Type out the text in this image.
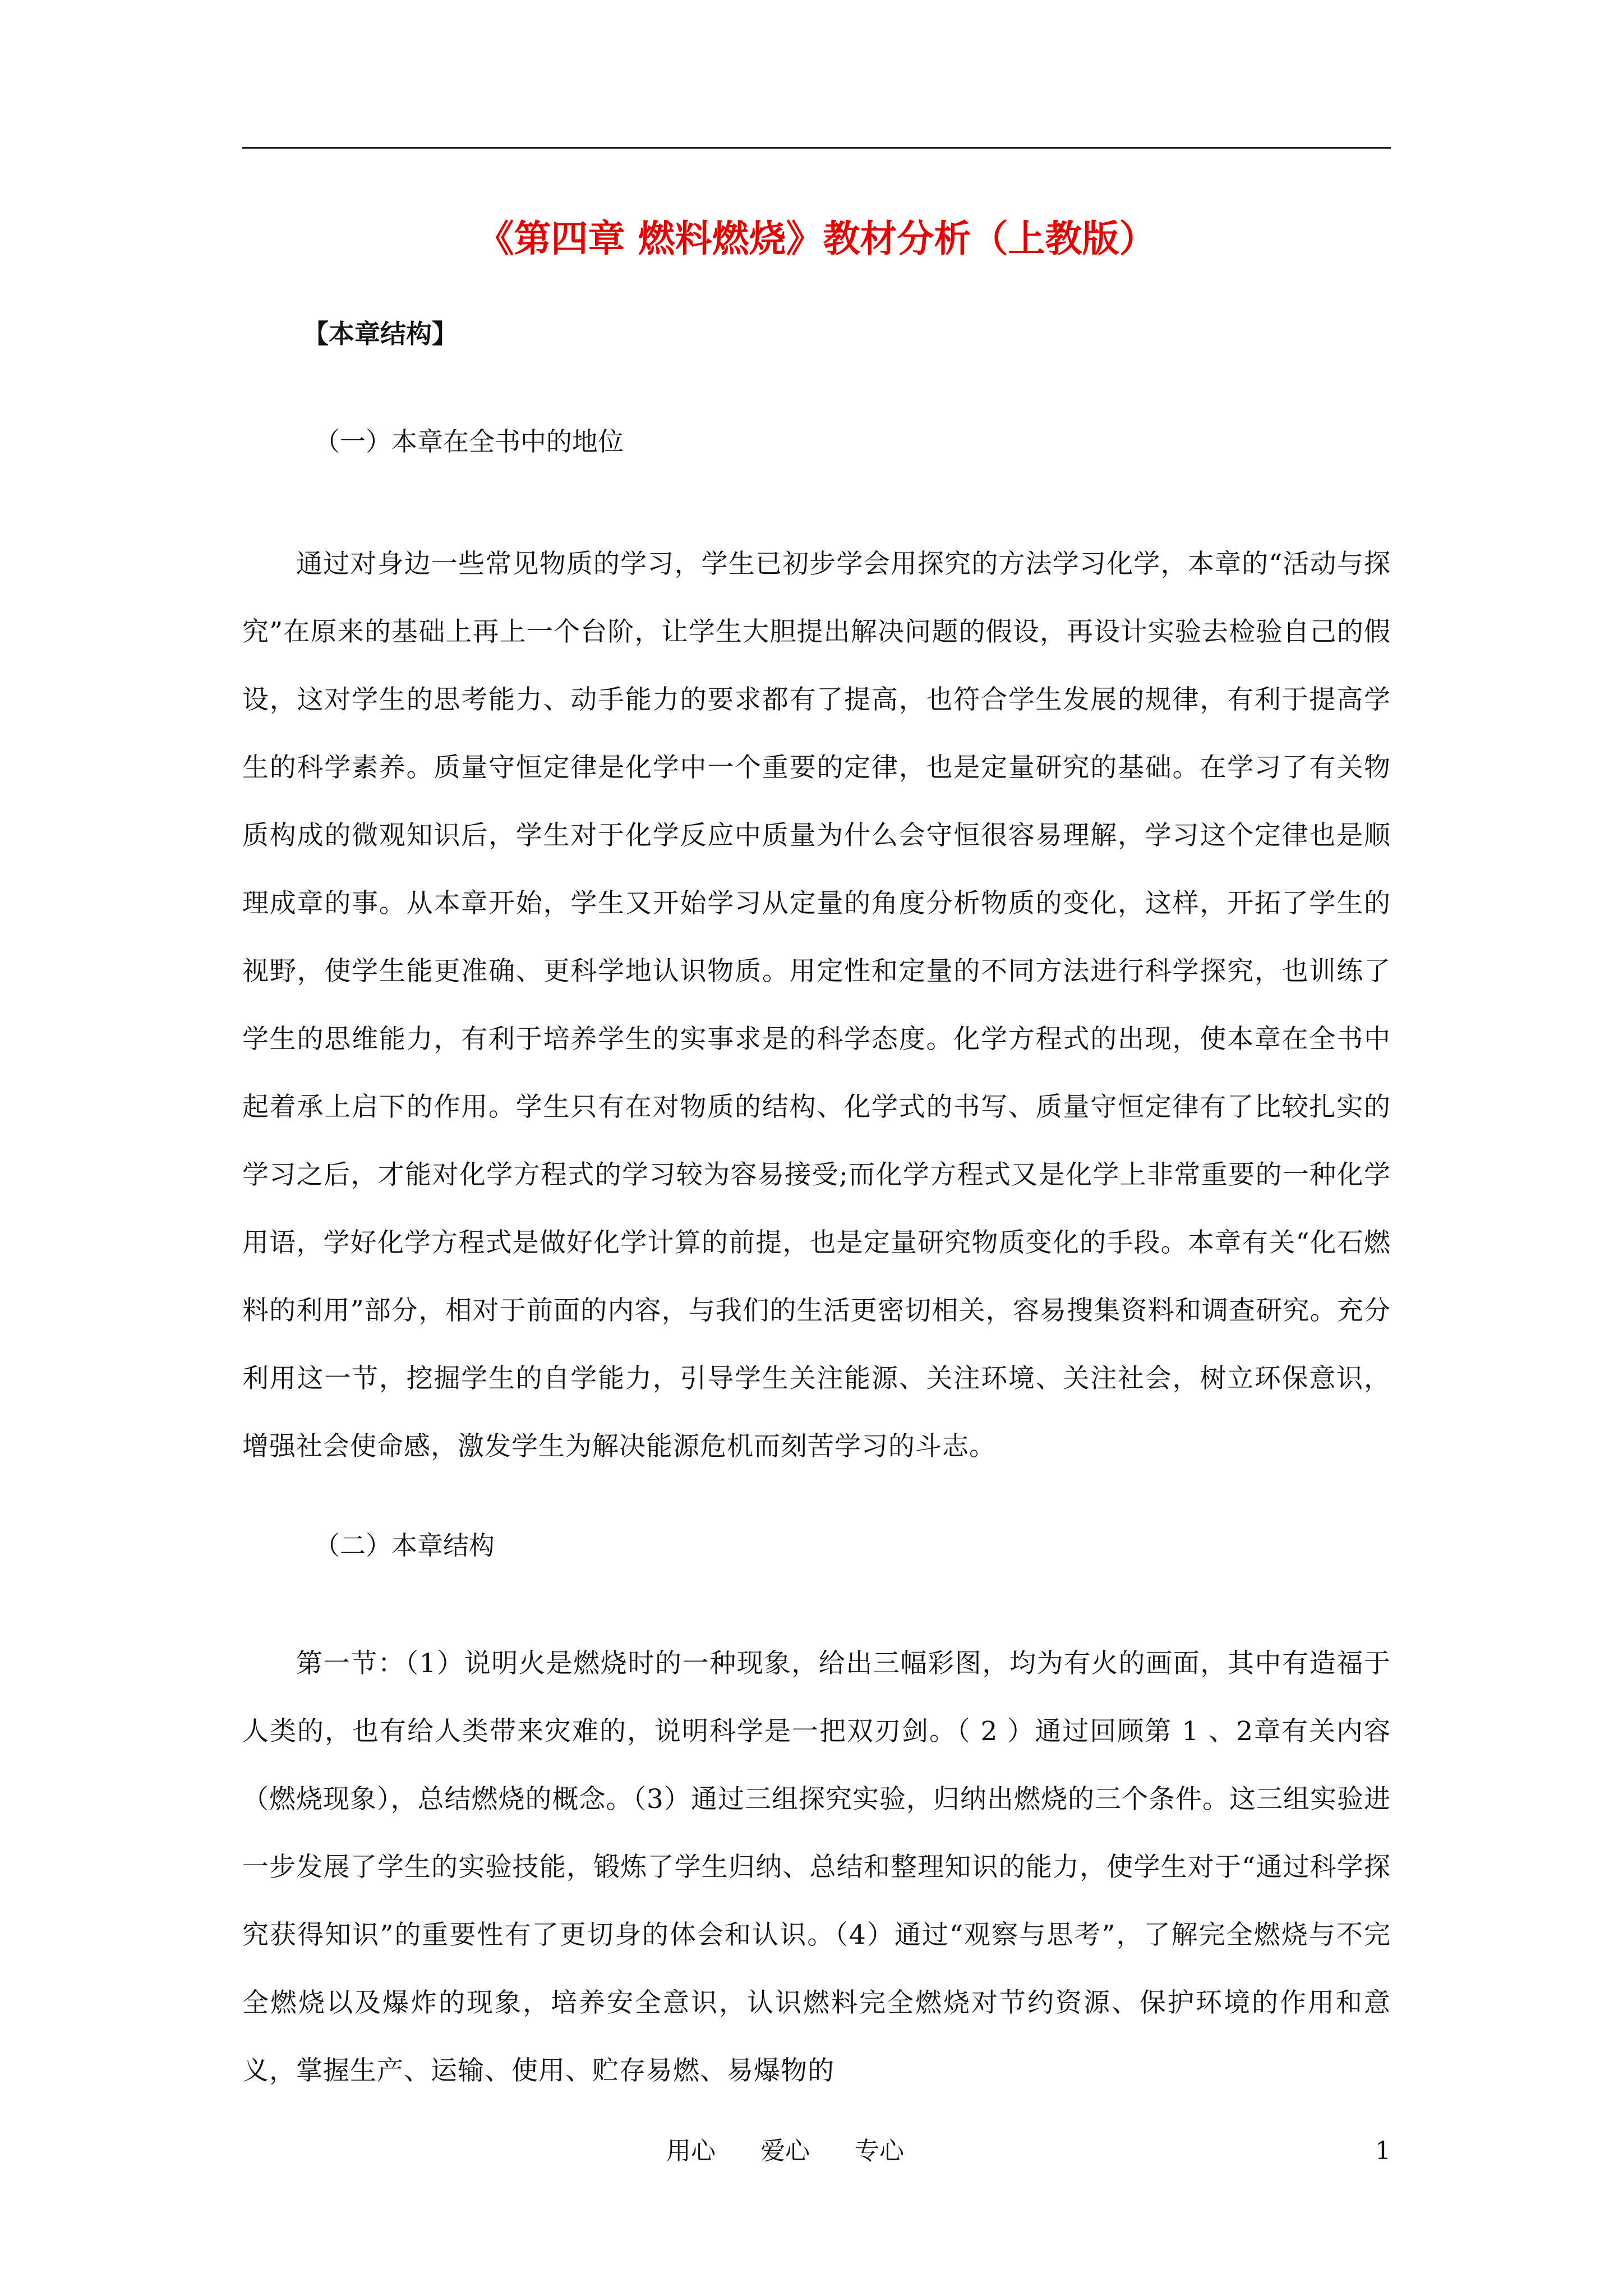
《第四章 燃料燃烧》教材分析（上教版）

【本章结构】

（一）本章在全书中的地位

通过对身边一些常见物质的学习，学生已初步学会用探究的方法学习化学，本章的“活动与探究”在原来的基础上再上一个台阶，让学生大胆提出解决问题的假设，再设计实验去检验自己的假设，这对学生的思考能力、动手能力的要求都有了提高，也符合学生发展的规律，有利于提高学生的科学素养。质量守恒定律是化学中一个重要的定律，也是定量研究的基础。在学习了有关物质构成的微观知识后，学生对于化学反应中质量为什么会守恒很容易理解，学习这个定律也是顺理成章的事。从本章开始，学生又开始学习从定量的角度分析物质的变化，这样，开拓了学生的视野，使学生能更准确、更科学地认识物质。用定性和定量的不同方法进行科学探究，也训练了学生的思维能力，有利于培养学生的实事求是的科学态度。化学方程式的出现，使本章在全书中起着承上启下的作用。学生只有在对物质的结构、化学式的书写、质量守恒定律有了比较扎实的学习之后，才能对化学方程式的学习较为容易接受;而化学方程式又是化学上非常重要的一种化学用语，学好化学方程式是做好化学计算的前提，也是定量研究物质变化的手段。本章有关“化石燃料的利用”部分，相对于前面的内容，与我们的生活更密切相关，容易搜集资料和调查研究。充分利用这一节，挖掘学生的自学能力，引导学生关注能源、关注环境、关注社会，树立环保意识，增强社会使命感，激发学生为解决能源危机而刻苦学习的斗志。

（二）本章结构

第一节：（1）说明火是燃烧时的一种现象，给出三幅彩图，均为有火的画面，其中有造福于人类的，也有给人类带来灾难的，说明科学是一把双刃剑。（ 2 ）通过回顾第 1 、2章有关内容（燃烧现象），总结燃烧的概念。（3）通过三组探究实验，归纳出燃烧的三个条件。这三组实验进一步发展了学生的实验技能，锻炼了学生归纳、总结和整理知识的能力，使学生对于“通过科学探究获得知识”的重要性有了更切身的体会和认识。（4）通过“观察与思考”，了解完全燃烧与不完全燃烧以及爆炸的现象，培养安全意识，认识燃料完全燃烧对节约资源、保护环境的作用和意义，掌握生产、运输、使用、贮存易燃、易爆物的

用心 爱心 专心	1
